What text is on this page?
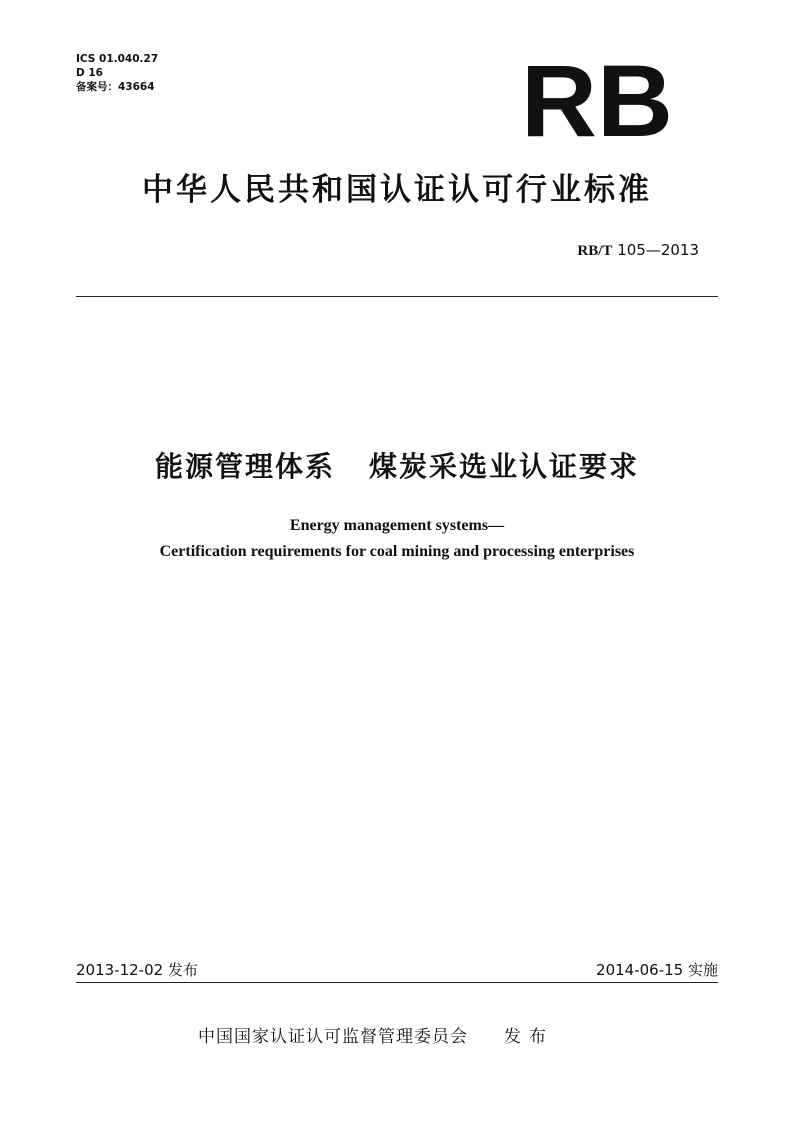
ICS 01.040.27
D 16
备案号：43664	RB
中华人民共和国认证认可行业标准
RB/T 105—2013
能源管理体系 煤炭采选业认证要求
Energy management systems—
Certification requirements for coal mining and processing enterprises
2013-12-02 发布	2014-06-15 实施
中国国家认证认可监督管理委员会 发布
